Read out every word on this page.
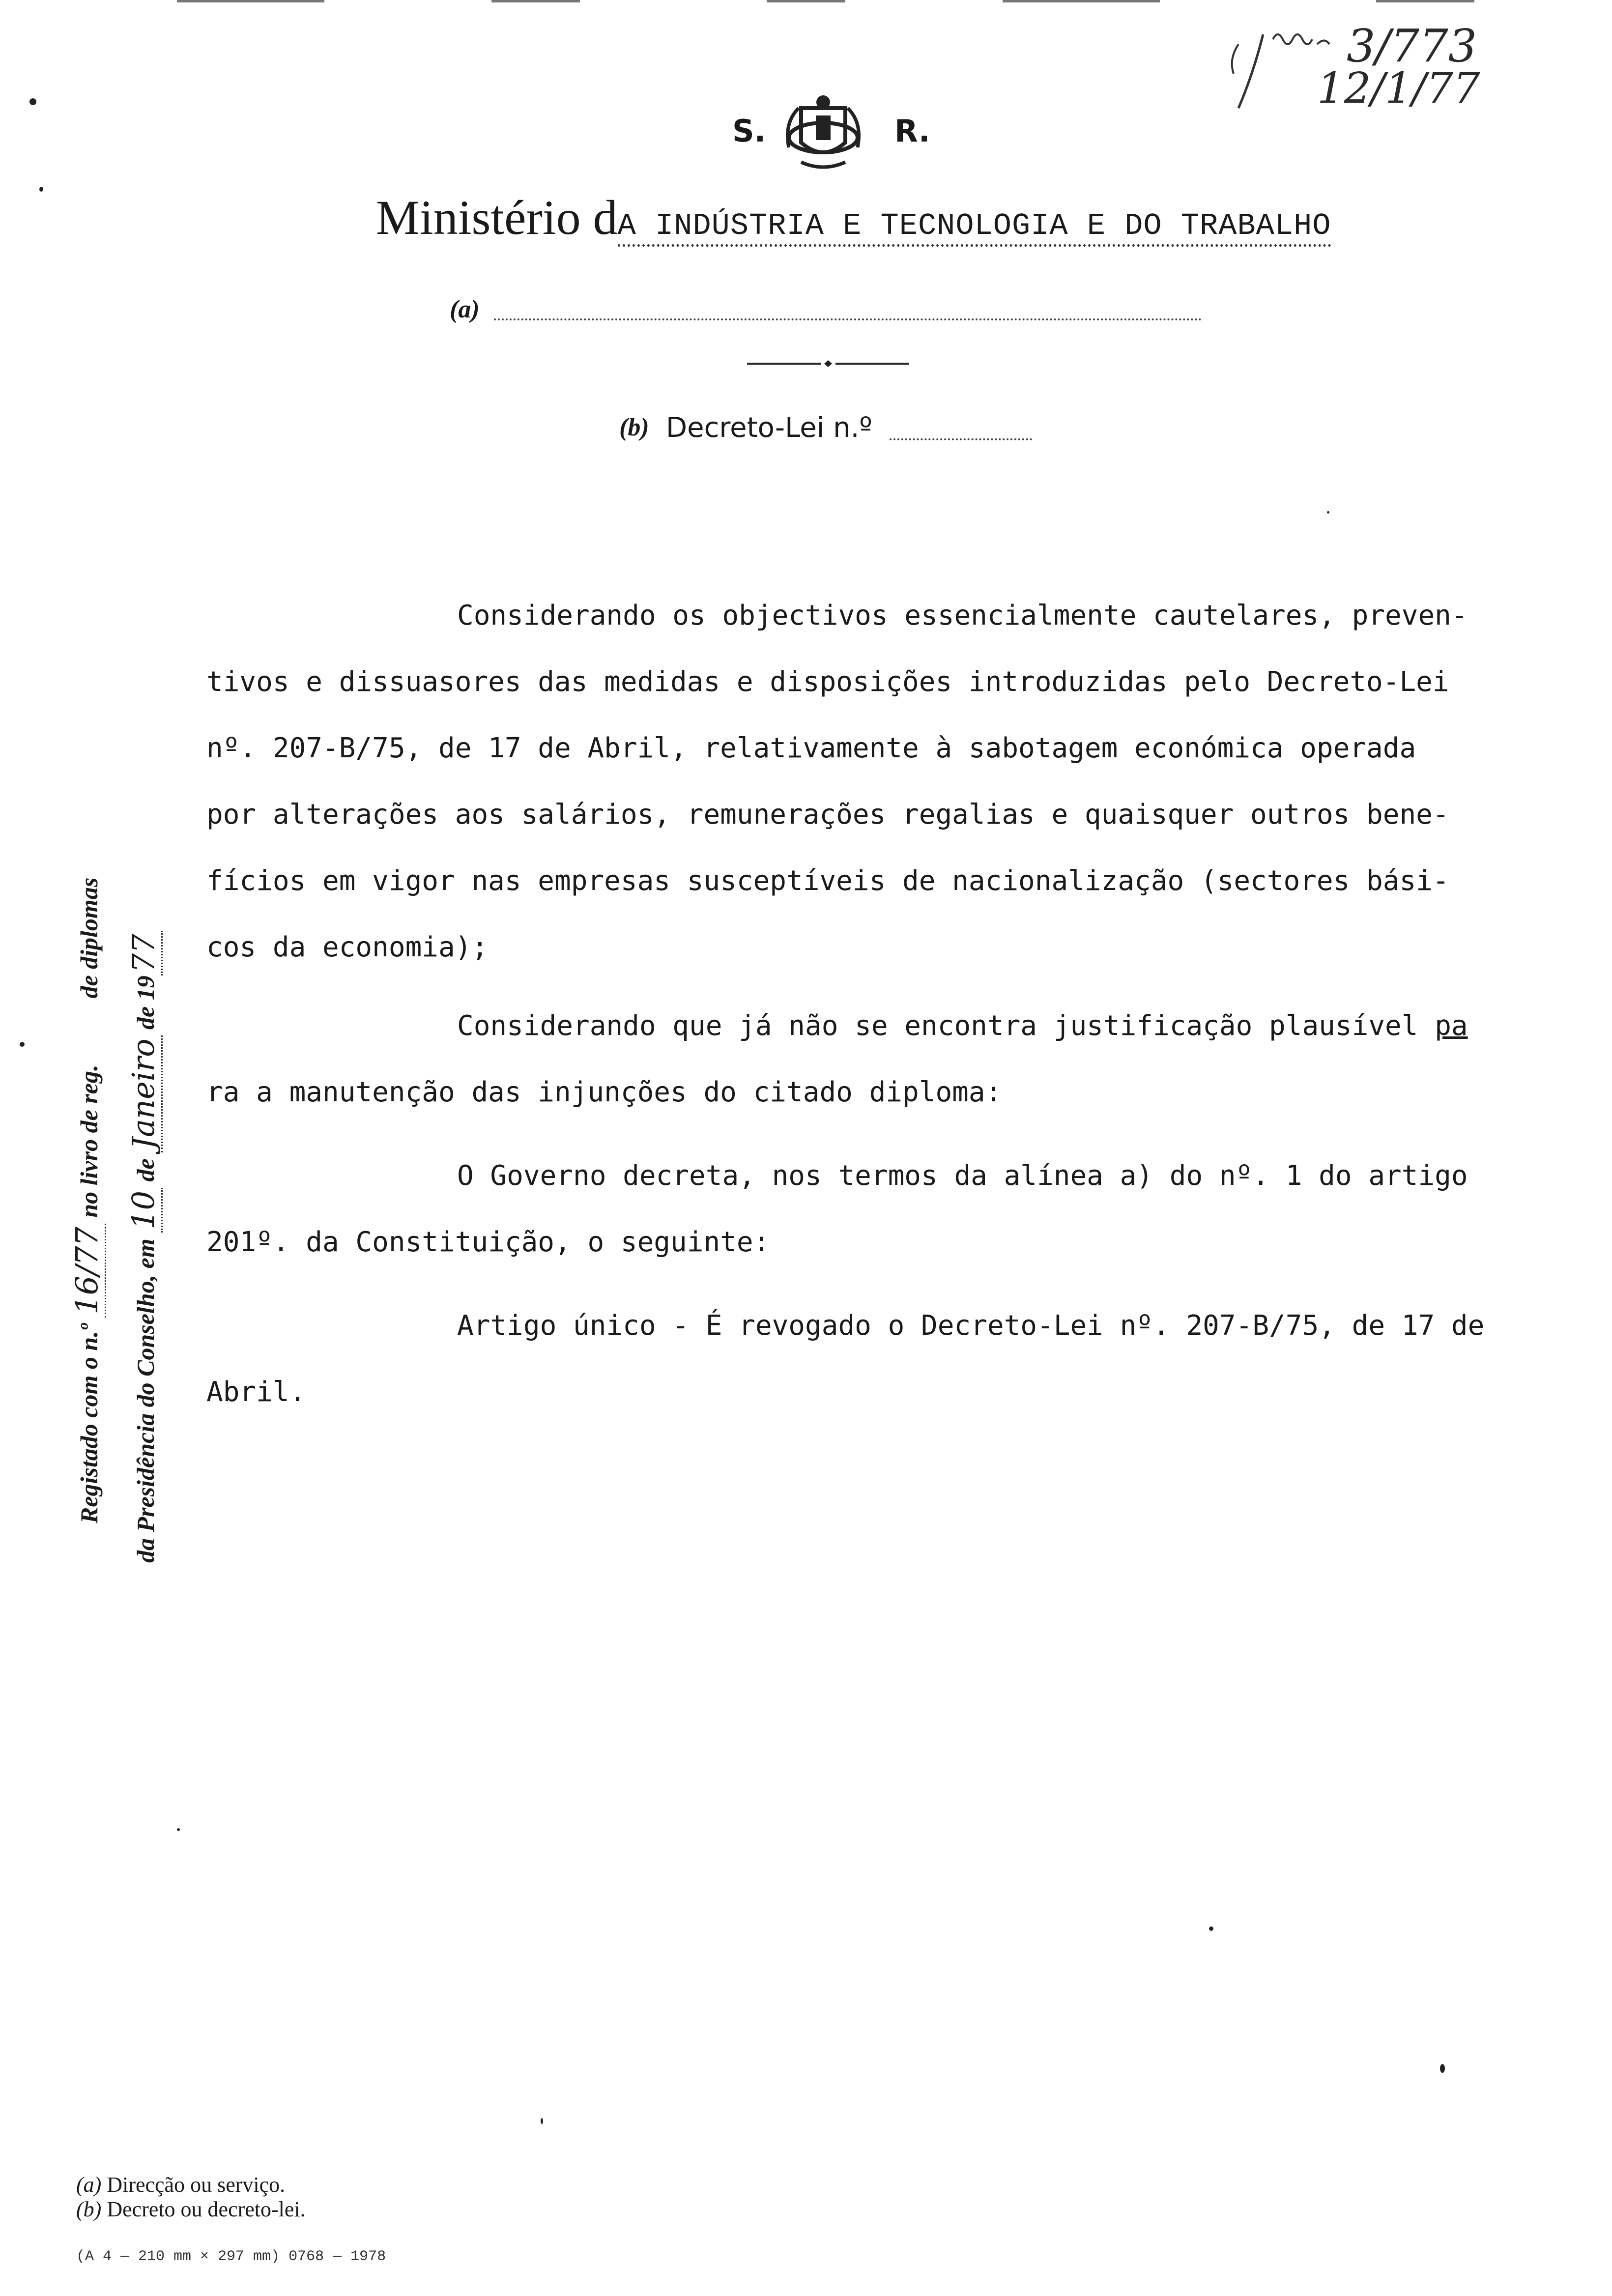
3/773
12/1/77
S.	R.
Ministério dA INDÚSTRIA E TECNOLOGIA E DO TRABALHO
(a)
(b) Decreto-Lei n.º
Registado com o n.º 16/77 no livro de reg.  de diplomas
da Presidência do Conselho, em 10 de Janeiro de 1977
Considerando os objectivos essencialmente cautelares, preven-
tivos e dissuasores das medidas e disposições introduzidas pelo Decreto-Lei
nº. 207-B/75, de 17 de Abril, relativamente à sabotagem económica operada
por alterações aos salários, remunerações regalias e quaisquer outros bene-
fícios em vigor nas empresas susceptíveis de nacionalização (sectores bási-
cos da economia);
Considerando que já não se encontra justificação plausível pa
ra a manutenção das injunções do citado diploma:
O Governo decreta, nos termos da alínea a) do nº. 1 do artigo
201º. da Constituição, o seguinte:
Artigo único - É revogado o Decreto-Lei nº. 207-B/75, de 17 de
Abril.
(a) Direcção ou serviço.
(b) Decreto ou decreto-lei.
(A 4 — 210 mm × 297 mm) 0768 — 1978
